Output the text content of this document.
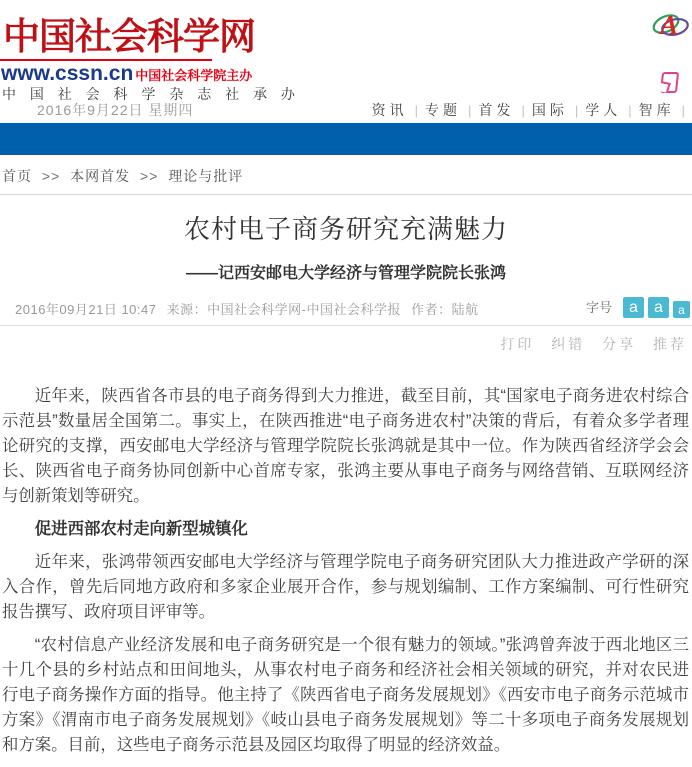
中国社会科学网
www.cssn.cn 中国社会科学院主办
中 国 社 会 科 学 杂 志 社 承 办
A
2016年9月22日 星期四	资讯 | 专题 | 首发 | 国际 | 学人 | 智库
|
首页 >> 本网首发 >> 理论与批评
农村电子商务研究充满魅力
——记西安邮电大学经济与管理学院院长张鸿
2016年09月21日 10:47 来源：中国社会科学网-中国社会科学报 作者：陆航	字号	a	a	a
打印 纠错 分享 推荐

近年来，陕西省各市县的电子商务得到大力推进，截至目前，其“国家电子商务进农村综合示范县”数量居全国第二。事实上，在陕西推进“电子商务进农村”决策的背后，有着众多学者理论研究的支撑，西安邮电大学经济与管理学院院长张鸿就是其中一位。作为陕西省经济学会会长、陕西省电子商务协同创新中心首席专家，张鸿主要从事电子商务与网络营销、互联网经济与创新策划等研究。

促进西部农村走向新型城镇化

近年来，张鸿带领西安邮电大学经济与管理学院电子商务研究团队大力推进政产学研的深入合作，曾先后同地方政府和多家企业展开合作，参与规划编制、工作方案编制、可行性研究报告撰写、政府项目评审等。

“农村信息产业经济发展和电子商务研究是一个很有魅力的领域。”张鸿曾奔波于西北地区三十几个县的乡村站点和田间地头，从事农村电子商务和经济社会相关领域的研究，并对农民进行电子商务操作方面的指导。他主持了《陕西省电子商务发展规划》《西安市电子商务示范城市方案》《渭南市电子商务发展规划》《岐山县电子商务发展规划》等二十多项电子商务发展规划和方案。目前，这些电子商务示范县及园区均取得了明显的经济效益。
